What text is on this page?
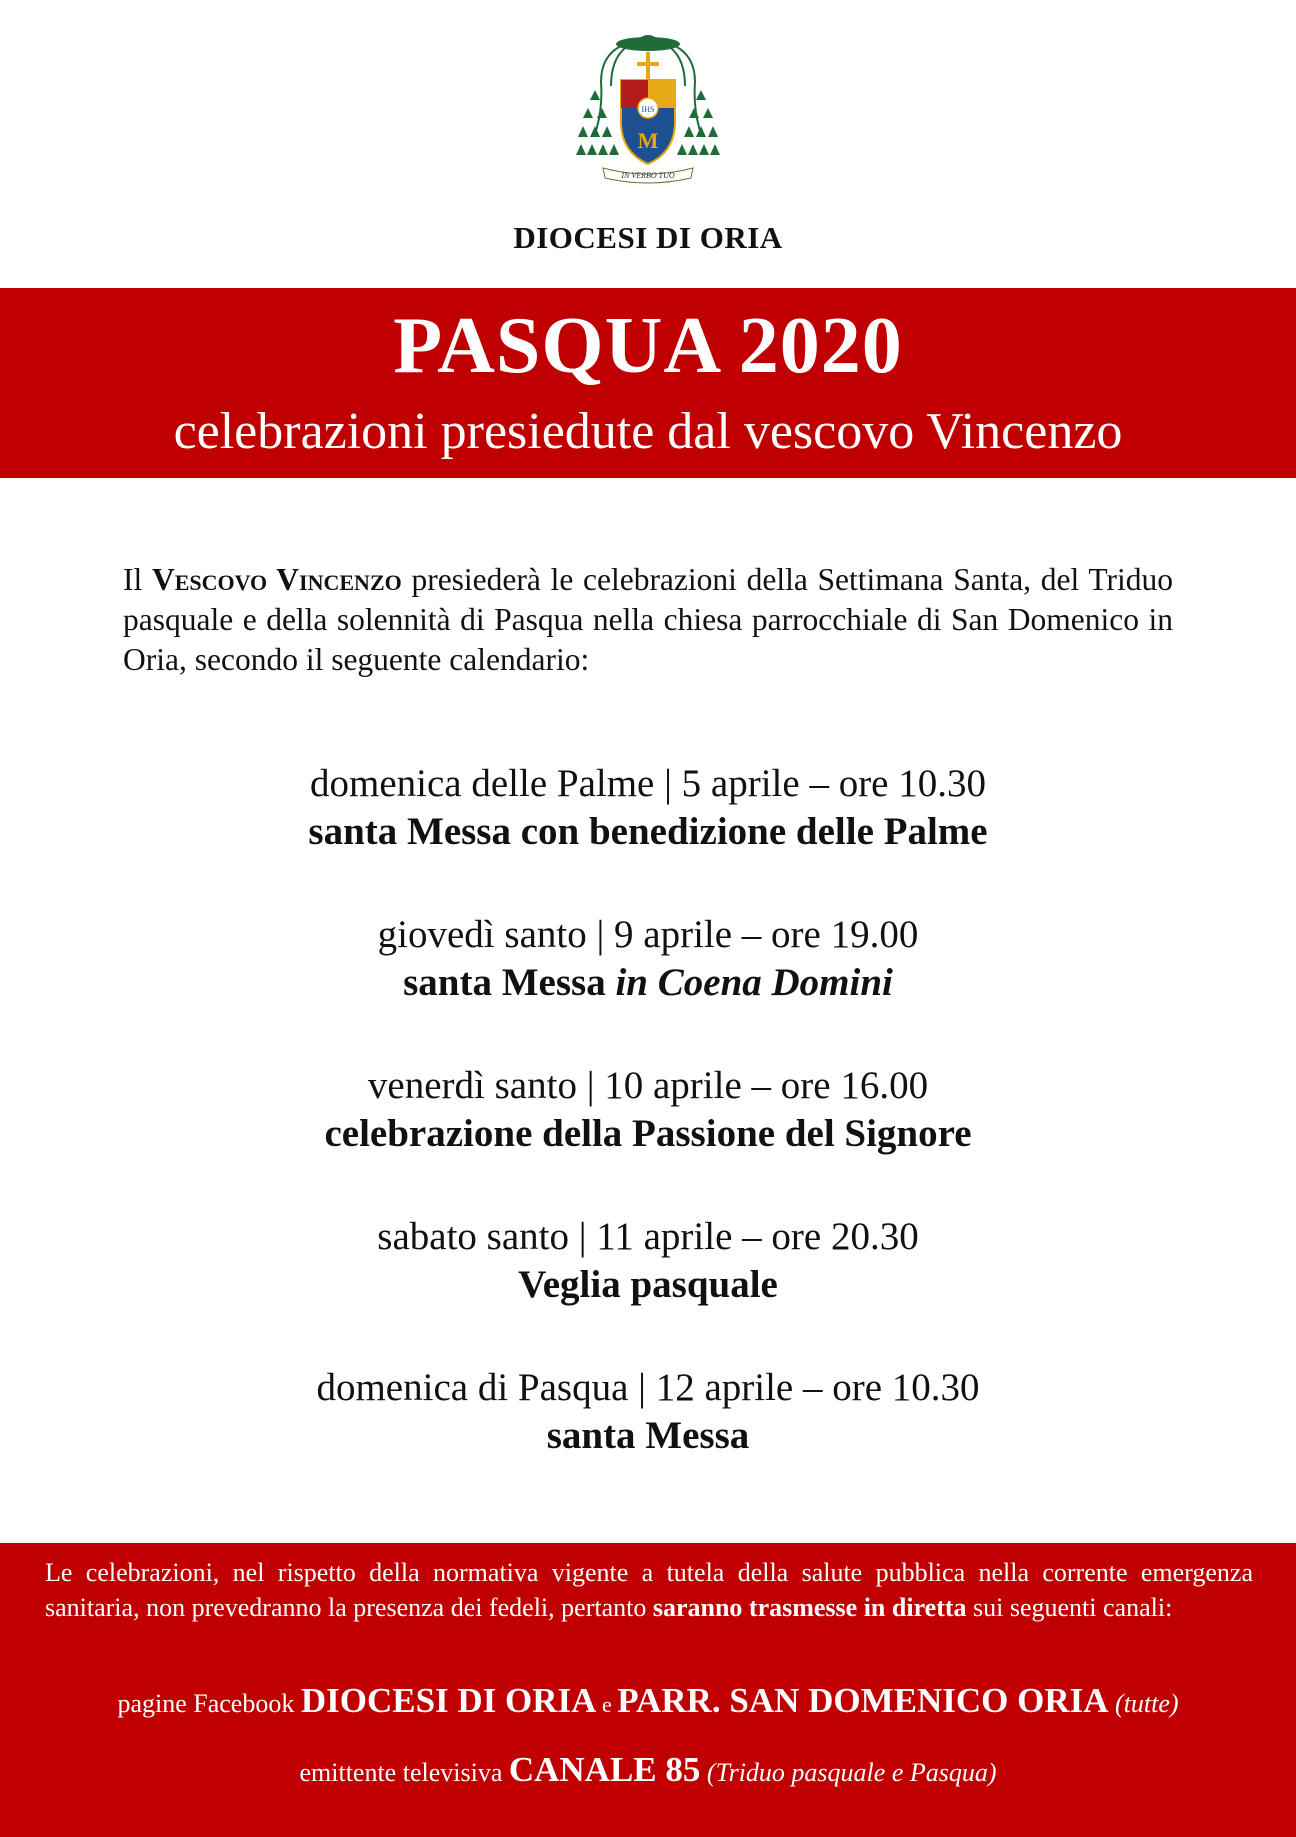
IHS
M
IN VERBO TUO
DIOCESI DI ORIA
PASQUA 2020
celebrazioni presiedute dal vescovo Vincenzo
Il Vescovo Vincenzo presiederà le celebrazioni della Settimana Santa, del Triduo pasquale e della solennità di Pasqua nella chiesa parrocchiale di San Domenico in Oria, secondo il seguente calendario:
domenica delle Palme | 5 aprile – ore 10.30
santa Messa con benedizione delle Palme
giovedì santo | 9 aprile – ore 19.00
santa Messa in Coena Domini
venerdì santo | 10 aprile – ore 16.00
celebrazione della Passione del Signore
sabato santo | 11 aprile – ore 20.30
Veglia pasquale
domenica di Pasqua | 12 aprile – ore 10.30
santa Messa
Le celebrazioni, nel rispetto della normativa vigente a tutela della salute pubblica nella corrente emergenza sanitaria, non prevedranno la presenza dei fedeli, pertanto saranno trasmesse in diretta sui seguenti canali:
pagine Facebook DIOCESI DI ORIA e PARR. SAN DOMENICO ORIA (tutte)
emittente televisiva CANALE 85 (Triduo pasquale e Pasqua)
